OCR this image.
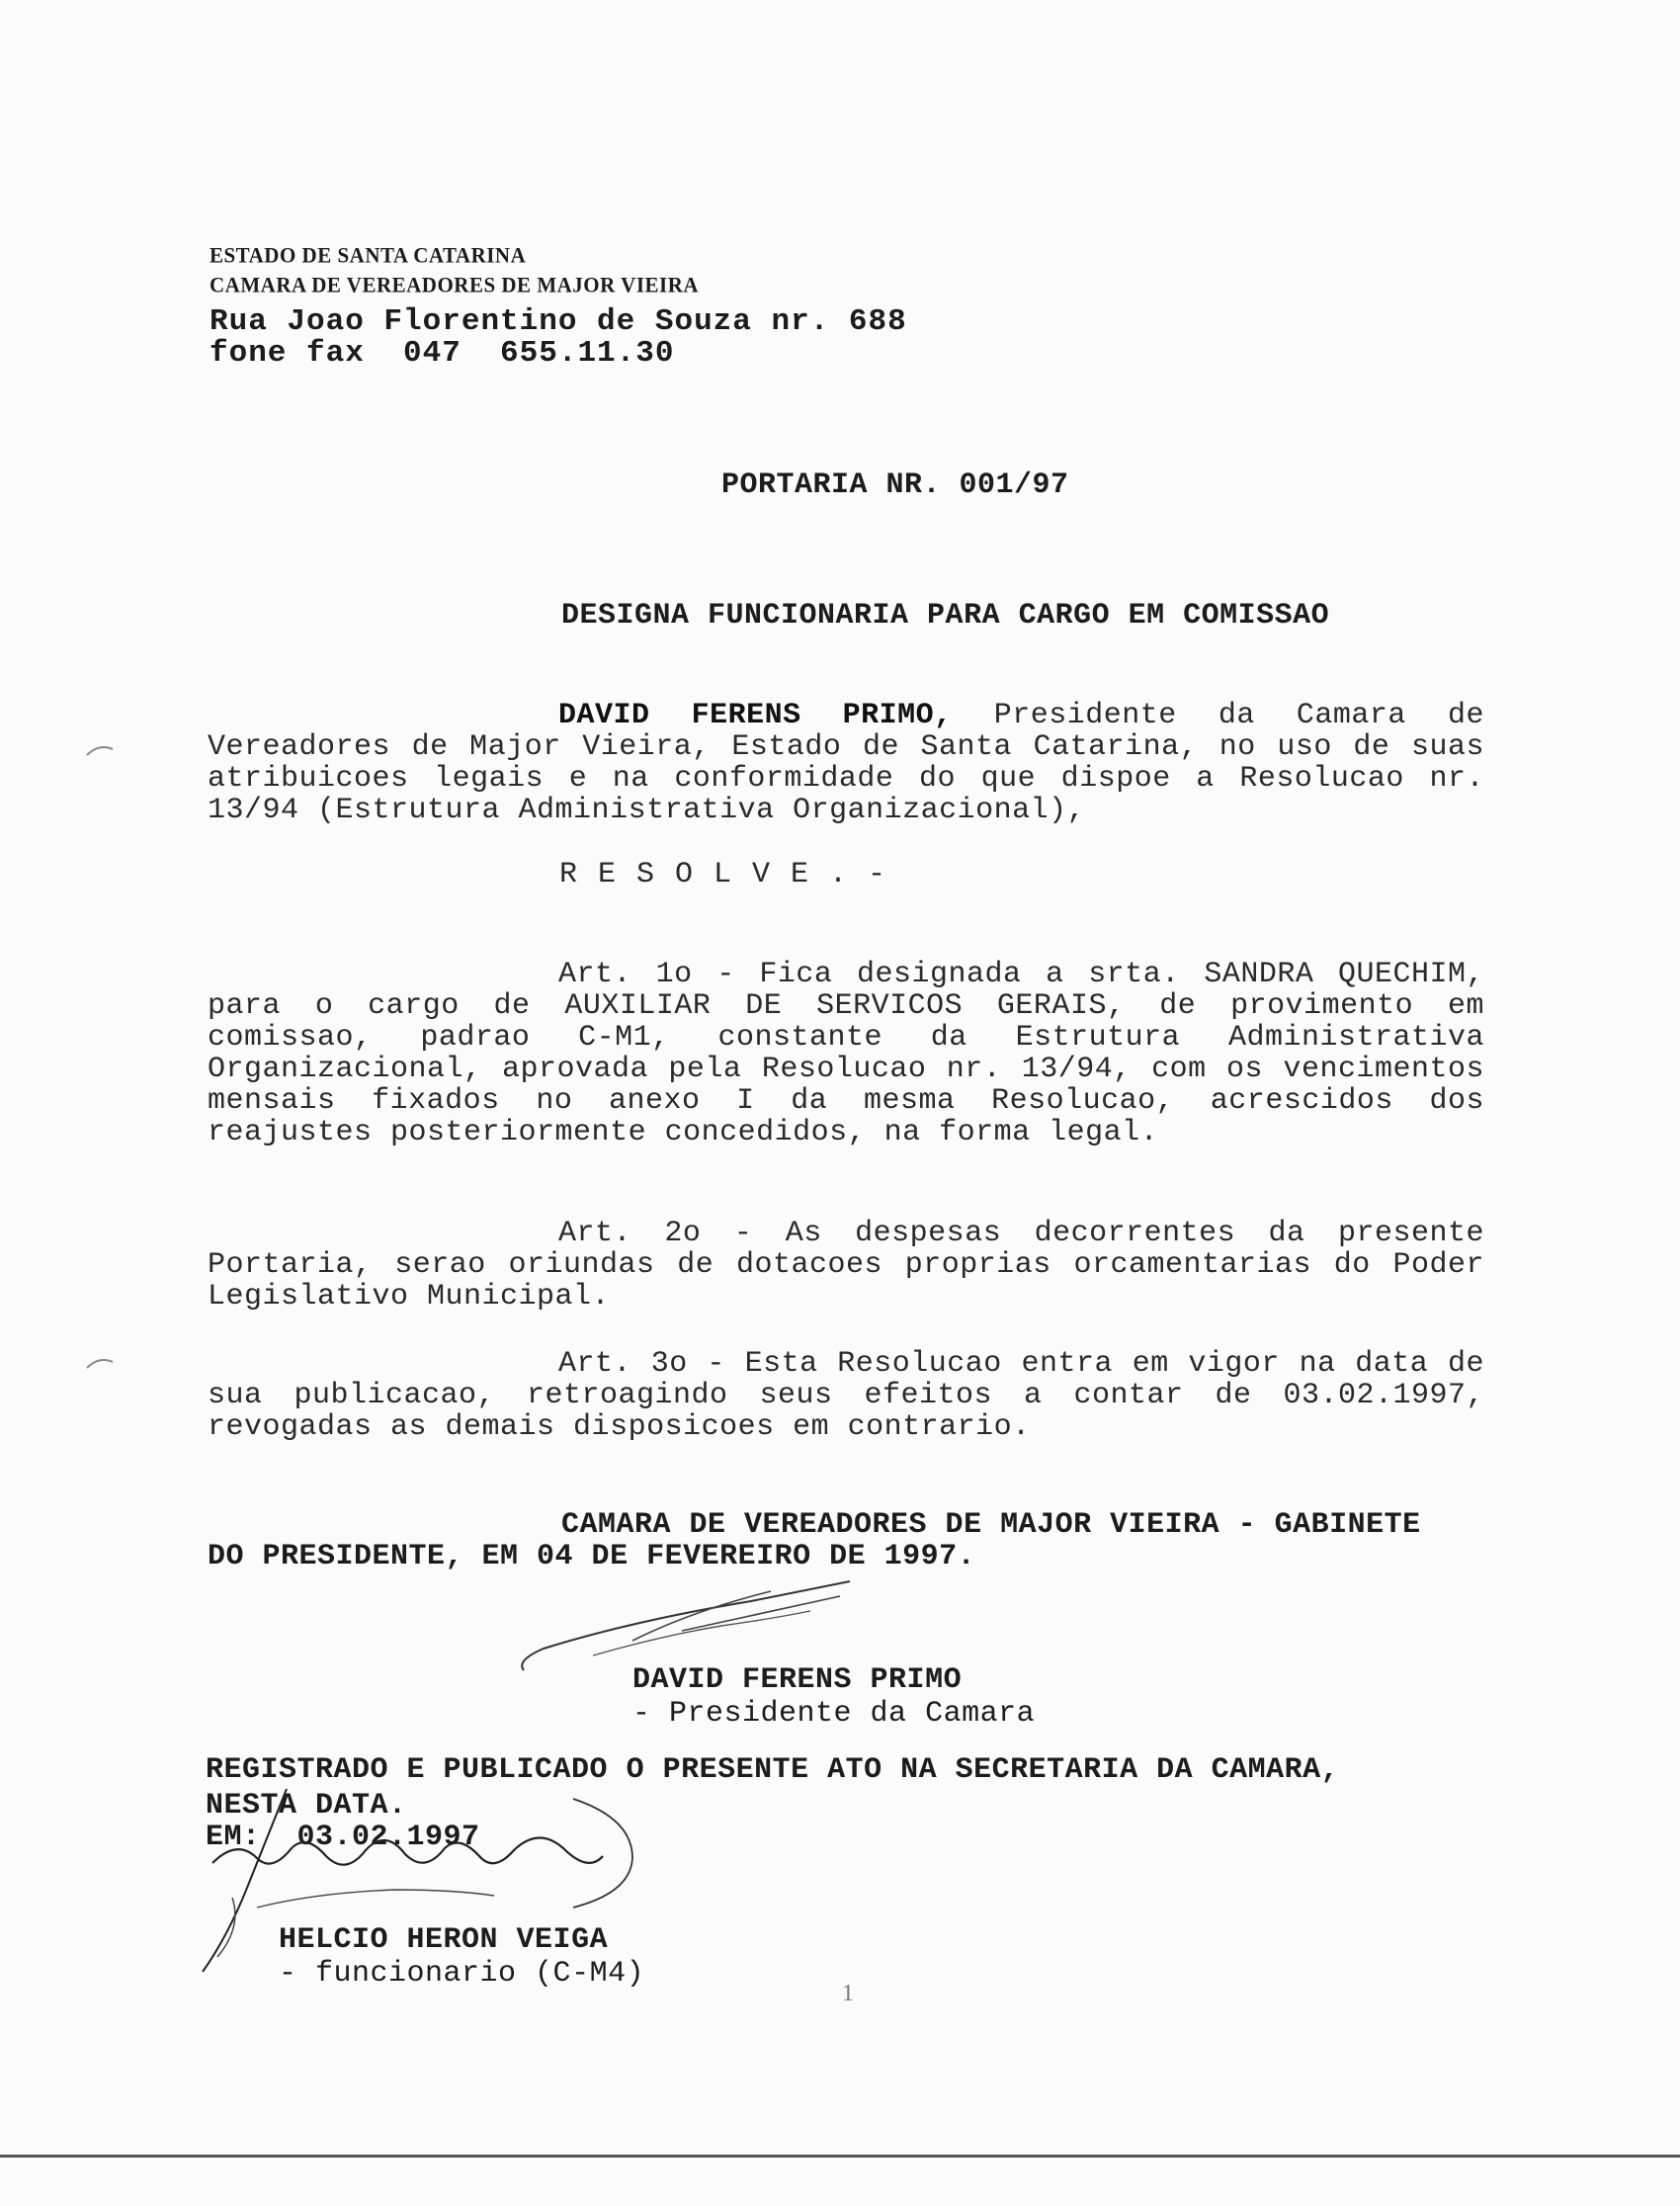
ESTADO DE SANTA CATARINA
CAMARA DE VEREADORES DE MAJOR VIEIRA
Rua Joao Florentino de Souza nr. 688
fone fax  047  655.11.30
PORTARIA NR. 001/97
DESIGNA FUNCIONARIA PARA CARGO EM COMISSAO
DAVID FERENS PRIMO, Presidente da Camara de Vereadores de Major Vieira, Estado de Santa Catarina, no uso de suas atribuicoes legais e na conformidade do que dispoe a Resolucao nr. 13/94 (Estrutura Administrativa Organizacional),
RESOLVE.-
Art. 1o - Fica designada a srta. SANDRA QUECHIM, para o cargo de AUXILIAR DE SERVICOS GERAIS, de provimento em comissao, padrao C-M1, constante da Estrutura Administrativa Organizacional, aprovada pela Resolucao nr. 13/94, com os vencimentos mensais fixados no anexo I da mesma Resolucao, acrescidos dos reajustes posteriormente concedidos, na forma legal.
Art. 2o - As despesas decorrentes da presente Portaria, serao oriundas de dotacoes proprias orcamentarias do Poder Legislativo Municipal.
Art. 3o - Esta Resolucao entra em vigor na data de sua publicacao, retroagindo seus efeitos a contar de 03.02.1997, revogadas as demais disposicoes em contrario.
CAMARA DE VEREADORES DE MAJOR VIEIRA - GABINETE
DO PRESIDENTE, EM 04 DE FEVEREIRO DE 1997.

DAVID FERENS PRIMO
- Presidente da Camara

REGISTRADO E PUBLICADO O PRESENTE ATO NA SECRETARIA DA CAMARA,
NESTA DATA.
EM:  03.02.1997

HELCIO HERON VEIGA
- funcionario (C-M4)

1
